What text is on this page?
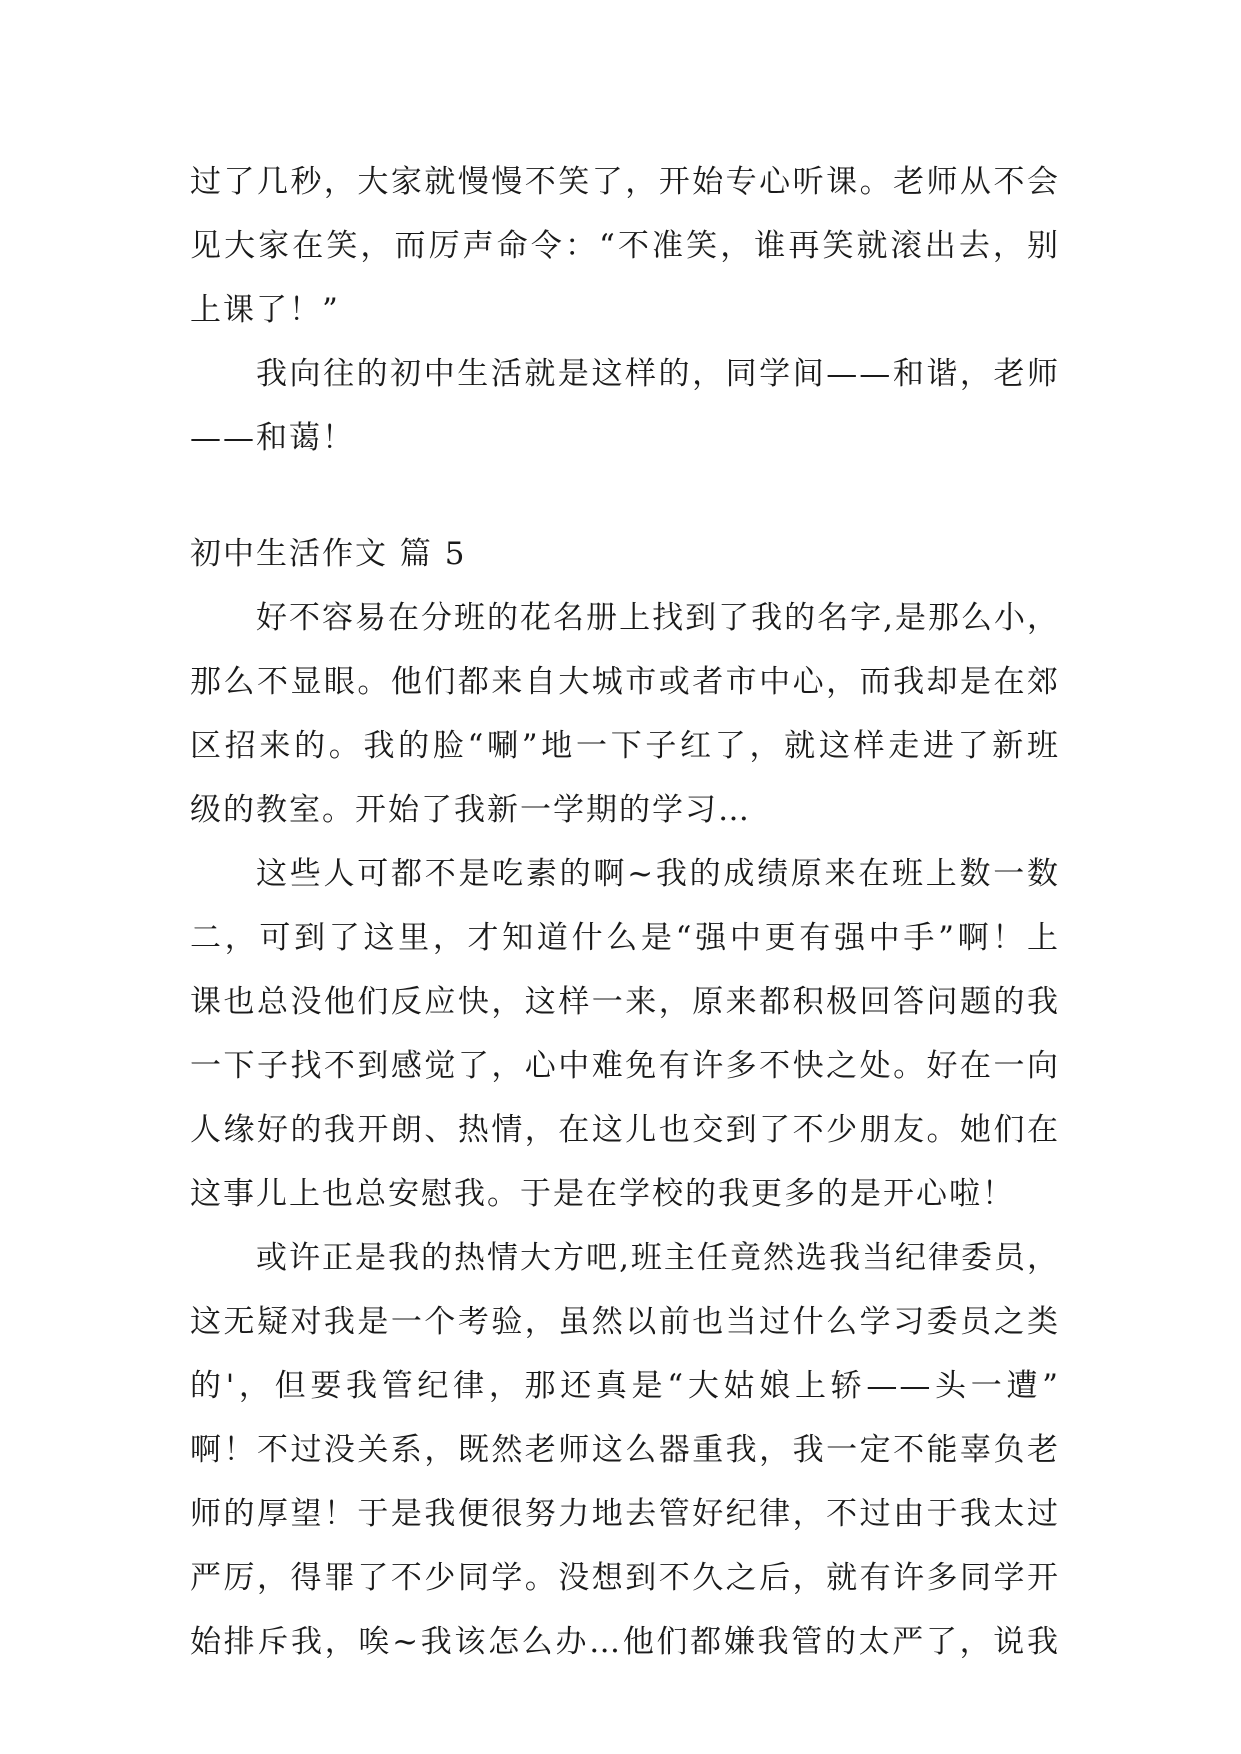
过了几秒，大家就慢慢不笑了，开始专心听课。老师从不会
见大家在笑，而厉声命令：“不准笑，谁再笑就滚出去，别
上课了！”
我向往的初中生活就是这样的，同学间——和谐，老师
——和蔼！
初中生活作文 篇 5
好不容易在分班的花名册上找到了我的名字,是那么小，
那么不显眼。他们都来自大城市或者市中心，而我却是在郊
区招来的。我的脸“唰”地一下子红了，就这样走进了新班
级的教室。开始了我新一学期的学习…
这些人可都不是吃素的啊~我的成绩原来在班上数一数
二，可到了这里，才知道什么是“强中更有强中手”啊！上
课也总没他们反应快，这样一来，原来都积极回答问题的我
一下子找不到感觉了，心中难免有许多不快之处。好在一向
人缘好的我开朗、热情，在这儿也交到了不少朋友。她们在
这事儿上也总安慰我。于是在学校的我更多的是开心啦！
或许正是我的热情大方吧,班主任竟然选我当纪律委员，
这无疑对我是一个考验，虽然以前也当过什么学习委员之类
的'，但要我管纪律，那还真是“大姑娘上轿——头一遭”
啊！不过没关系，既然老师这么器重我，我一定不能辜负老
师的厚望！于是我便很努力地去管好纪律，不过由于我太过
严厉，得罪了不少同学。没想到不久之后，就有许多同学开
始排斥我，唉~我该怎么办…他们都嫌我管的太严了，说我
